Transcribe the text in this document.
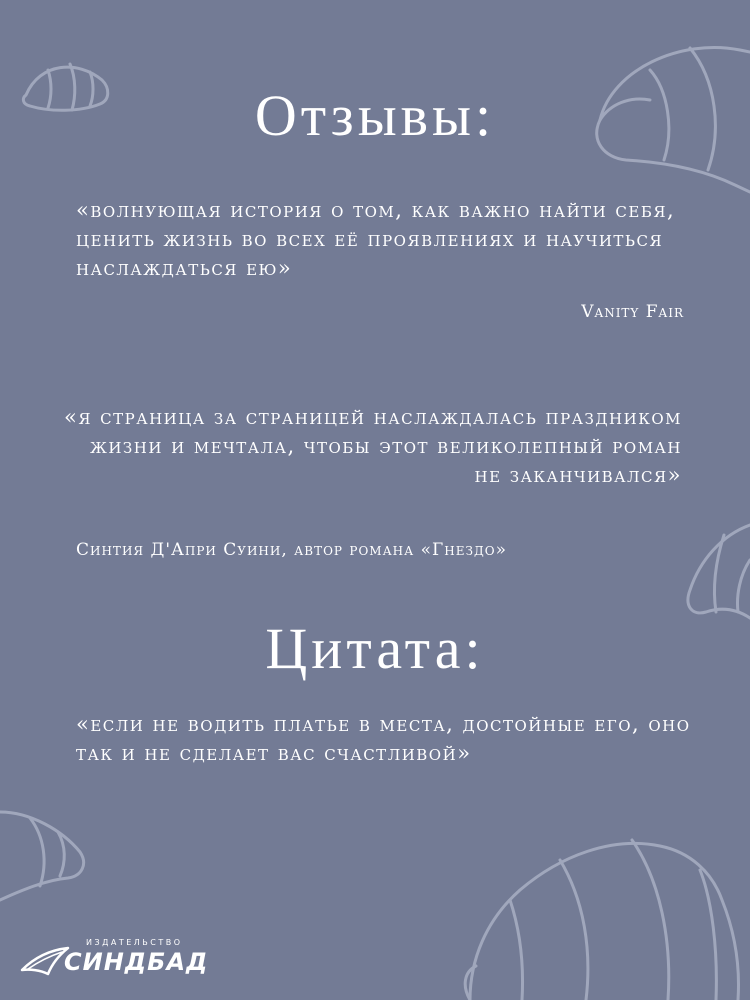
Отзывы:
«волнующая история о том, как важно найти себя, ценить жизнь во всех её проявлениях и научиться наслаждаться ею»
Vanity Fair
«я страница за страницей наслаждалась праздником жизни и мечтала, чтобы этот великолепный роман не заканчивался»
Синтия Д'Апри Суини, автор романа «Гнездо»
Цитата:
«если не водить платье в места, достойные его, оно так и не сделает вас счастливой»
ИЗДАТЕЛЬСТВО
СИНДБАД
